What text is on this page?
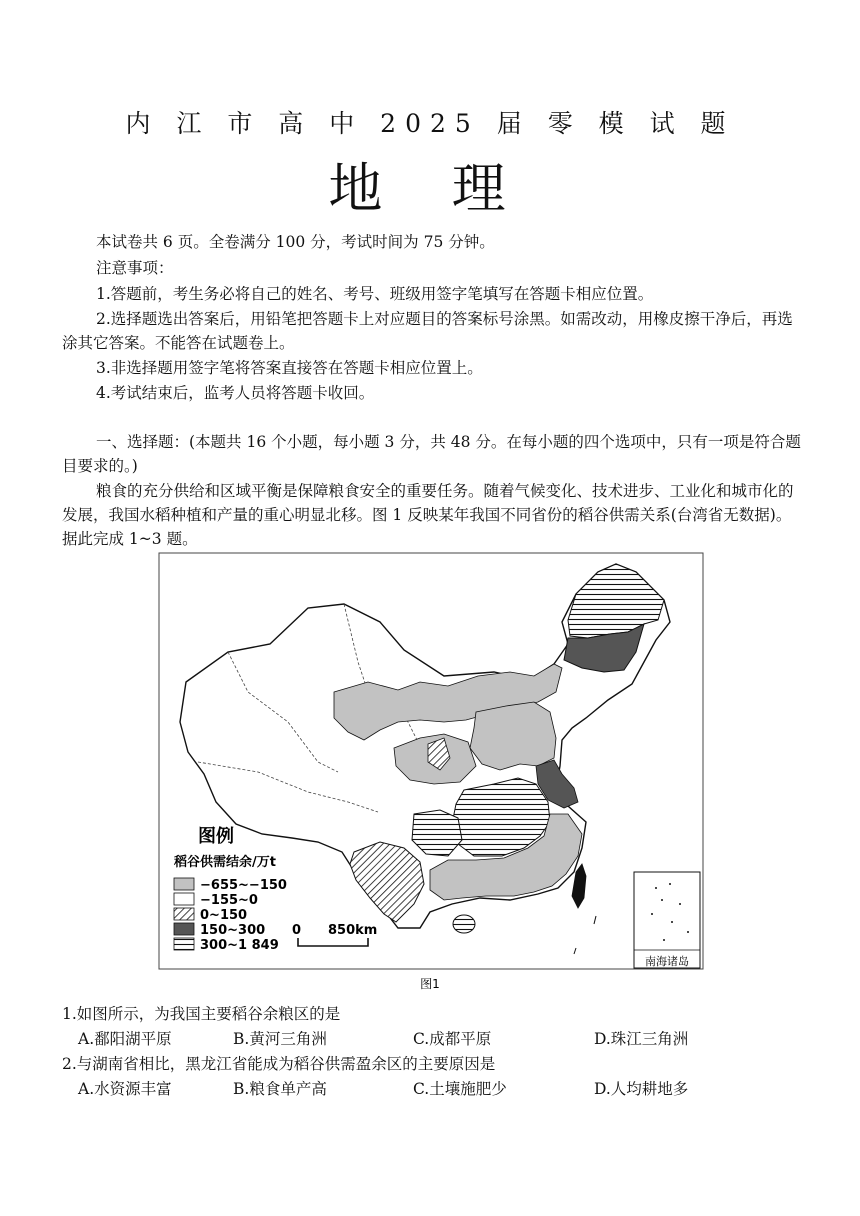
内 江 市 高 中 2025 届 零 模 试 题
地 理
本试卷共 6 页。全卷满分 100 分，考试时间为 75 分钟。
注意事项：
1.答题前，考生务必将自己的姓名、考号、班级用签字笔填写在答题卡相应位置。
2.选择题选出答案后，用铅笔把答题卡上对应题目的答案标号涂黑。如需改动，用橡皮擦干净后，再选涂其它答案。不能答在试题卷上。
3.非选择题用签字笔将答案直接答在答题卡相应位置上。
4.考试结束后，监考人员将答题卡收回。
一、选择题：(本题共 16 个小题，每小题 3 分，共 48 分。在每小题的四个选项中，只有一项是符合题目要求的。)
粮食的充分供给和区域平衡是保障粮食安全的重要任务。随着气候变化、技术进步、工业化和城市化的发展，我国水稻种植和产量的重心明显北移。图 1 反映某年我国不同省份的稻谷供需关系(台湾省无数据)。据此完成 1~3 题。
南海诸岛
图例
稻谷供需结余/万t
−655~−150
−155~0
0~150
150~300
300~1 849
0 850km
图1
1.如图所示，为我国主要稻谷余粮区的是
A.鄱阳湖平原	B.黄河三角洲	C.成都平原	D.珠江三角洲
2.与湖南省相比，黑龙江省能成为稻谷供需盈余区的主要原因是
A.水资源丰富	B.粮食单产高	C.土壤施肥少	D.人均耕地多
